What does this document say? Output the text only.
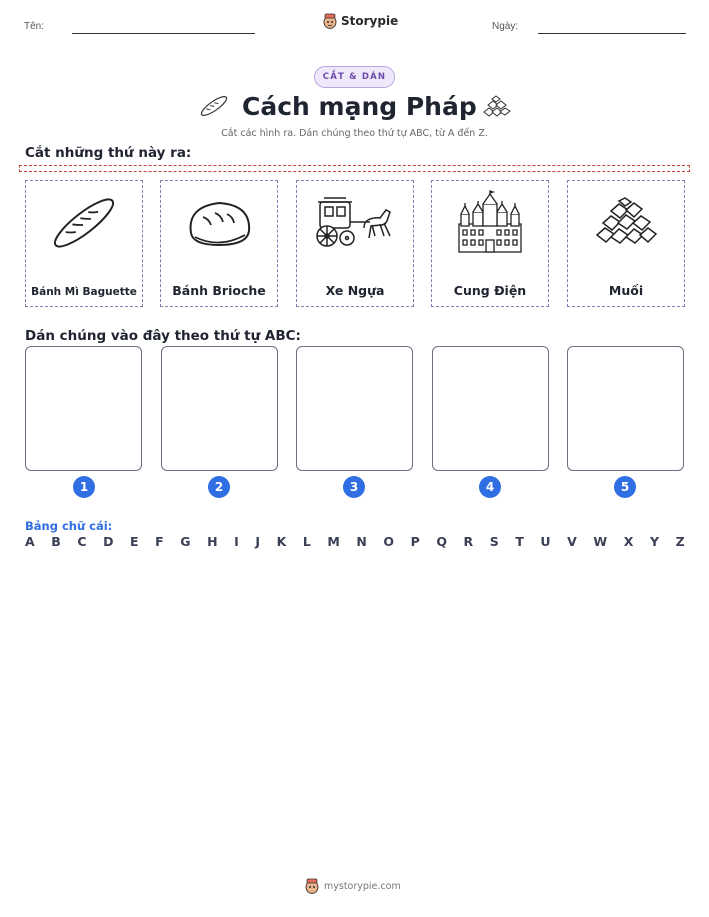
Tên:	Storypie	Ngày:
CẮT & DÁN
Cách mạng Pháp
Cắt các hình ra. Dán chúng theo thứ tự ABC, từ A đến Z.
Cắt những thứ này ra:
Bánh Mì Baguette	Bánh Brioche	Xe Ngựa	Cung Điện	Muối
Dán chúng vào đây theo thứ tự ABC:
1	2	3	4	5
Bảng chữ cái:
A B C D E F G H I J K L M N O P Q R S T U V W X Y Z
mystorypie.com
